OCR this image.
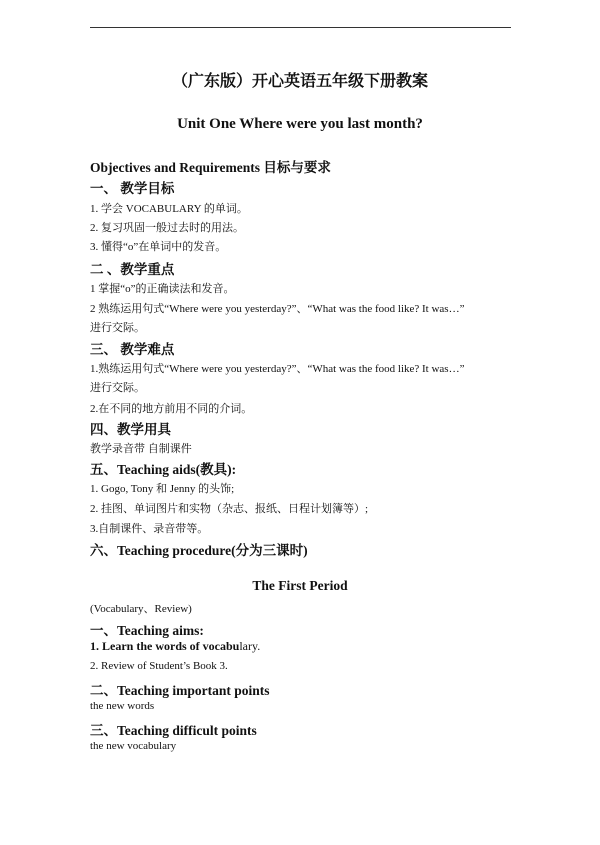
（广东版）开心英语五年级下册教案
Unit One Where were you last month?
Objectives and Requirements 目标与要求
一、 教学目标
1. 学会 VOCABULARY 的单词。
2. 复习巩固一般过去时的用法。
3. 懂得“o”在单词中的发音。
二 、教学重点
1 掌握“o”的正确读法和发音。
2 熟练运用句式“Where were you yesterday?”、“What was the food like? It was…”
进行交际。
三、 教学难点
1.熟练运用句式“Where were you yesterday?”、“What was the food like? It was…”
进行交际。
2.在不同的地方前用不同的介词。
四、教学用具
教学录音带 自制课件
五、Teaching aids(教具):
1. Gogo, Tony 和 Jenny 的头饰;
2. 挂图、单词图片和实物（杂志、报纸、日程计划簿等）;
3.自制课件、录音带等。
六、Teaching procedure(分为三课时)
The First Period
(Vocabulary、Review)
一、Teaching aims:
1. Learn the words of vocabulary.
2. Review of Student’s Book 3.
二、Teaching important points
the new words
三、Teaching difficult points
the new vocabulary
